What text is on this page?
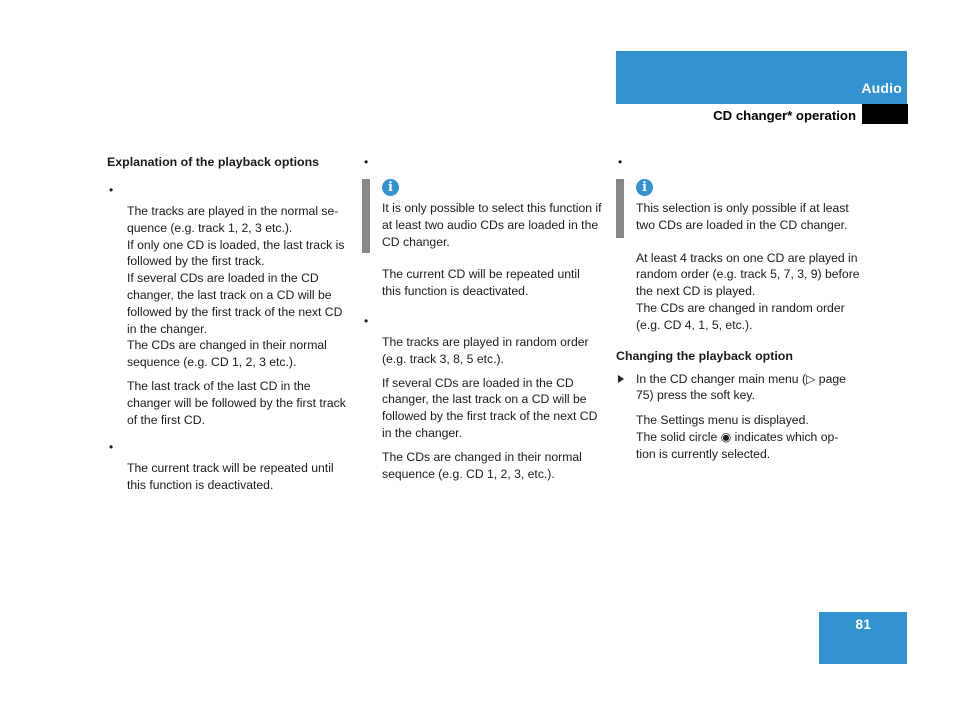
Audio
CD changer* operation
Explanation of the playback options
•
The tracks are played in the normal se- quence (e.g. track 1, 2, 3 etc.).
If only one CD is loaded, the last track is followed by the first track.
If several CDs are loaded in the CD changer, the last track on a CD will be followed by the first track of the next CD in the changer.
The CDs are changed in their normal sequence (e.g. CD 1, 2, 3 etc.).
The last track of the last CD in the changer will be followed by the first track of the first CD.
•
The current track will be repeated until this function is deactivated.
•
i
It is only possible to select this function if at least two audio CDs are loaded in the CD changer.
The current CD will be repeated until this function is deactivated.
•
The tracks are played in random order (e.g. track 3, 8, 5 etc.).
If several CDs are loaded in the CD changer, the last track on a CD will be followed by the first track of the next CD in the changer.
The CDs are changed in their normal sequence (e.g. CD 1, 2, 3, etc.).
•
i
This selection is only possible if at least two CDs are loaded in the CD changer.
At least 4 tracks on one CD are played in random order (e.g. track 5, 7, 3, 9) before the next CD is played.
The CDs are changed in random order (e.g. CD 4, 1, 5, etc.).
Changing the playback option
In the CD changer main menu (▷ page 75) press the soft key.
The Settings menu is displayed.
The solid circle ◉ indicates which op- tion is currently selected.
81
